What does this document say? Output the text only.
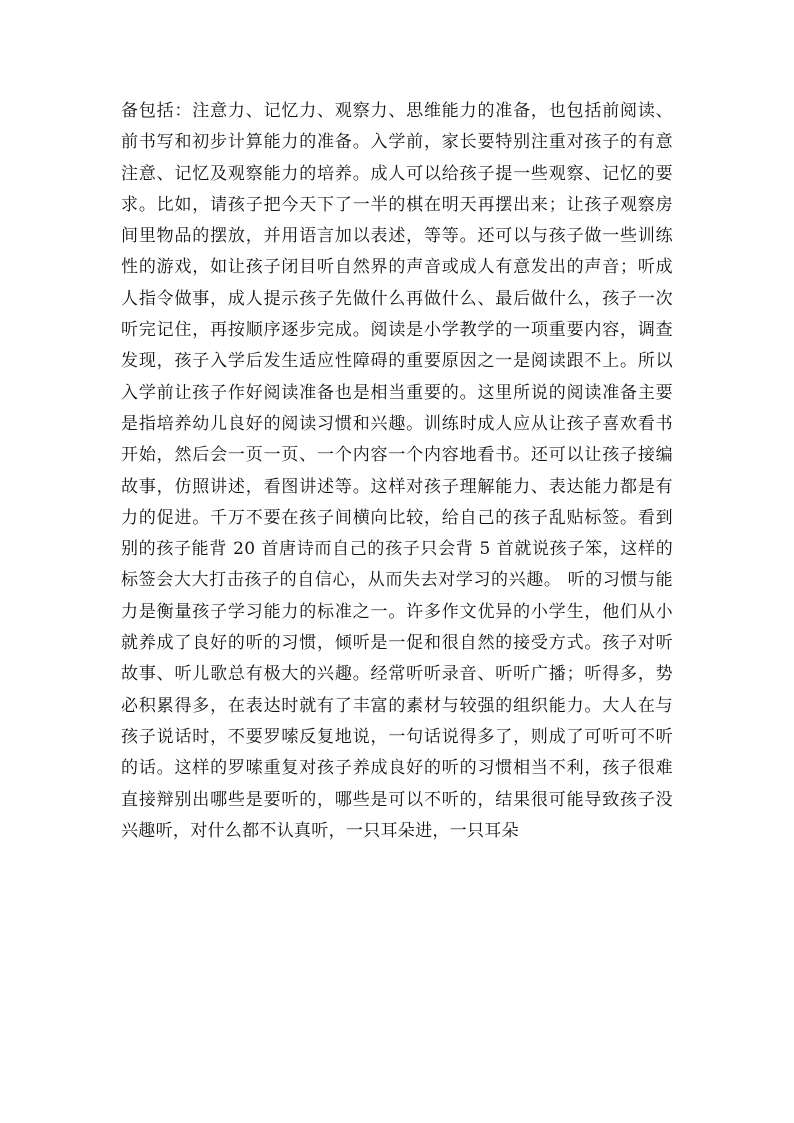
备包括：注意力、记忆力、观察力、思维能力的准备，也包括前阅读、前书写和初步计算能力的准备。入学前，家长要特别注重对孩子的有意注意、记忆及观察能力的培养。成人可以给孩子提一些观察、记忆的要求。比如，请孩子把今天下了一半的棋在明天再摆出来；让孩子观察房间里物品的摆放，并用语言加以表述，等等。还可以与孩子做一些训练性的游戏，如让孩子闭目听自然界的声音或成人有意发出的声音；听成人指令做事，成人提示孩子先做什么再做什么、最后做什么，孩子一次听完记住，再按顺序逐步完成。阅读是小学教学的一项重要内容，调查发现，孩子入学后发生适应性障碍的重要原因之一是阅读跟不上。所以入学前让孩子作好阅读准备也是相当重要的。这里所说的阅读准备主要是指培养幼儿良好的阅读习惯和兴趣。训练时成人应从让孩子喜欢看书开始，然后会一页一页、一个内容一个内容地看书。还可以让孩子接编故事，仿照讲述，看图讲述等。这样对孩子理解能力、表达能力都是有力的促进。千万不要在孩子间横向比较，给自己的孩子乱贴标签。看到别的孩子能背 20 首唐诗而自己的孩子只会背 5 首就说孩子笨，这样的标签会大大打击孩子的自信心，从而失去对学习的兴趣。 听的习惯与能力是衡量孩子学习能力的标准之一。许多作文优异的小学生，他们从小就养成了良好的听的习惯，倾听是一促和很自然的接受方式。孩子对听故事、听儿歌总有极大的兴趣。经常听听录音、听听广播；听得多，势必积累得多，在表达时就有了丰富的素材与较强的组织能力。大人在与孩子说话时，不要罗嗦反复地说，一句话说得多了，则成了可听可不听的话。这样的罗嗦重复对孩子养成良好的听的习惯相当不利，孩子很难直接辩别出哪些是要听的，哪些是可以不听的，结果很可能导致孩子没兴趣听，对什么都不认真听，一只耳朵进，一只耳朵
